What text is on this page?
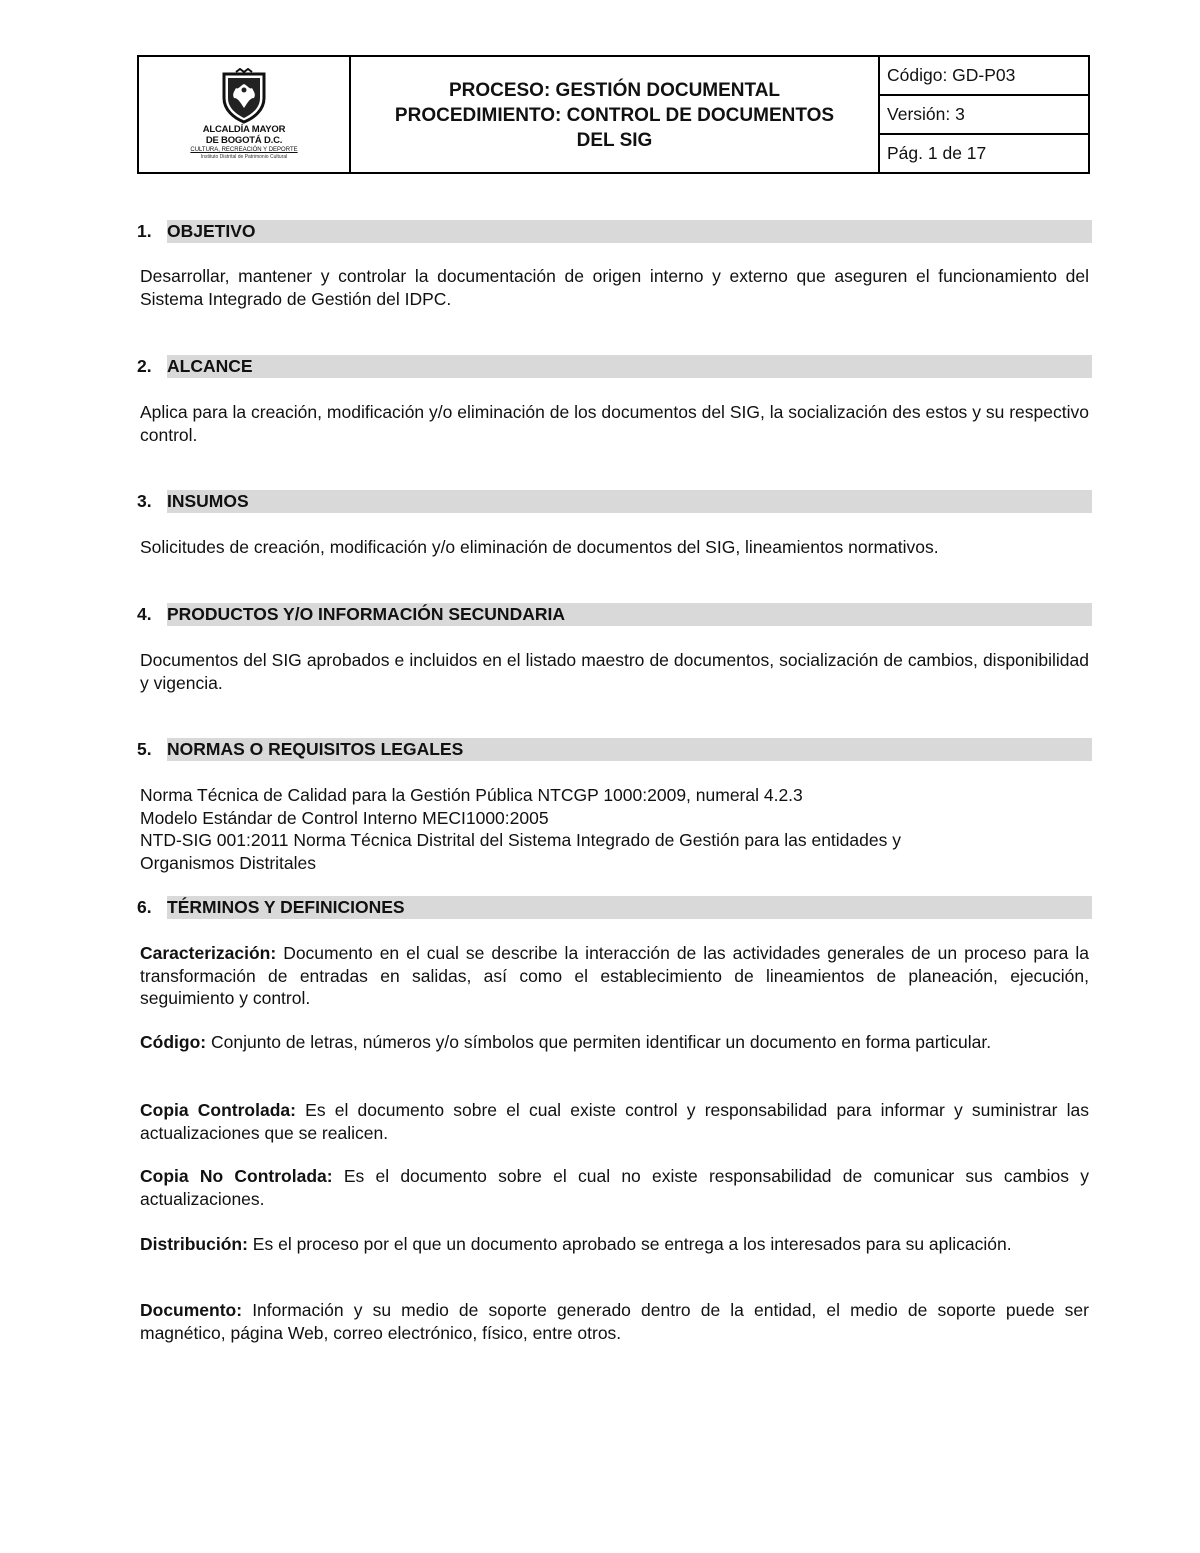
ALCALDÍA MAYOR
DE BOGOTÁ D.C.
CULTURA, RECREACIÓN Y DEPORTE
Instituto Distrital de Patrimonio Cultural
PROCESO: GESTIÓN DOCUMENTAL
PROCEDIMIENTO: CONTROL DE DOCUMENTOS
DEL SIG
Código: GD-P03
Versión: 3
Pág. 1 de 17
1. OBJETIVO
Desarrollar, mantener y controlar la documentación de origen interno y externo que aseguren el funcionamiento del Sistema Integrado de Gestión del IDPC.
2. ALCANCE
Aplica para la creación, modificación y/o eliminación de los documentos del SIG, la socialización des estos y su respectivo control.
3. INSUMOS
Solicitudes de creación, modificación y/o eliminación de documentos del SIG, lineamientos normativos.
4. PRODUCTOS Y/O INFORMACIÓN SECUNDARIA
Documentos del SIG aprobados e incluidos en el listado maestro de documentos, socialización de cambios, disponibilidad y vigencia.
5. NORMAS O REQUISITOS LEGALES
Norma Técnica de Calidad para la Gestión Pública NTCGP 1000:2009, numeral 4.2.3
Modelo Estándar de Control Interno MECI1000:2005
NTD-SIG 001:2011 Norma Técnica Distrital del Sistema Integrado de Gestión para las entidades y
Organismos Distritales
6. TÉRMINOS Y DEFINICIONES
Caracterización: Documento en el cual se describe la interacción de las actividades generales de un proceso para la transformación de entradas en salidas, así como el establecimiento de lineamientos de planeación, ejecución, seguimiento y control.
Código: Conjunto de letras, números y/o símbolos que permiten identificar un documento en forma particular.
Copia Controlada: Es el documento sobre el cual existe control y responsabilidad para informar y suministrar las actualizaciones que se realicen.
Copia No Controlada: Es el documento sobre el cual no existe responsabilidad de comunicar sus cambios y actualizaciones.
Distribución: Es el proceso por el que un documento aprobado se entrega a los interesados para su aplicación.
Documento: Información y su medio de soporte generado dentro de la entidad, el medio de soporte puede ser magnético, página Web, correo electrónico, físico, entre otros.
